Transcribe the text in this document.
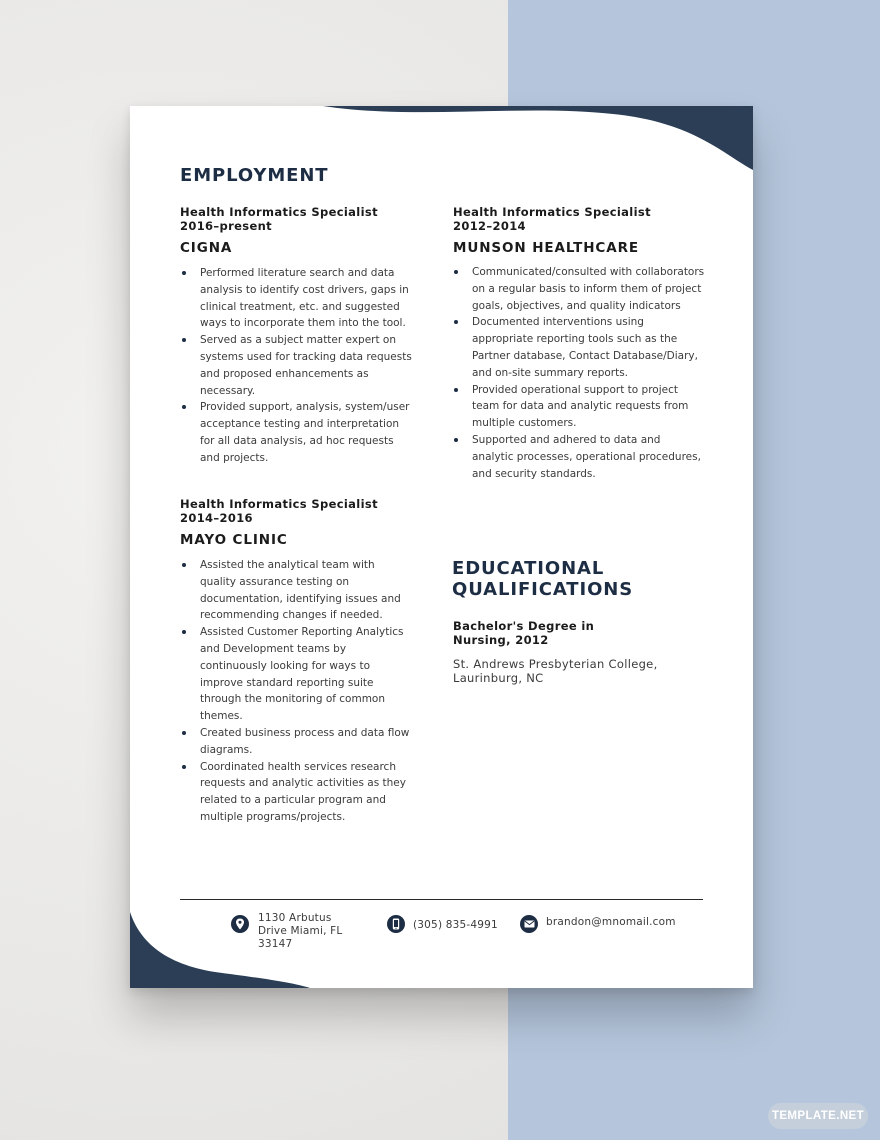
EMPLOYMENT
Health Informatics Specialist
2016–present
CIGNA
Performed literature search and data analysis to identify cost drivers, gaps in clinical treatment, etc. and suggested ways to incorporate them into the tool.
Served as a subject matter expert on systems used for tracking data requests and proposed enhancements as necessary.
Provided support, analysis, system/user acceptance testing and interpretation for all data analysis, ad hoc requests and projects.
Health Informatics Specialist
2014–2016
MAYO CLINIC
Assisted the analytical team with quality assurance testing on documentation, identifying issues and recommending changes if needed.
Assisted Customer Reporting Analytics and Development teams by continuously looking for ways to improve standard reporting suite through the monitoring of common themes.
Created business process and data flow diagrams.
Coordinated health services research requests and analytic activities as they related to a particular program and multiple programs/projects.
Health Informatics Specialist
2012–2014
MUNSON HEALTHCARE
Communicated/consulted with collaborators on a regular basis to inform them of project goals, objectives, and quality indicators
Documented interventions using appropriate reporting tools such as the Partner database, Contact Database/Diary, and on-site summary reports.
Provided operational support to project team for data and analytic requests from multiple customers.
Supported and adhered to data and analytic processes, operational procedures, and security standards.
EDUCATIONAL QUALIFICATIONS
Bachelor's Degree in Nursing, 2012
St. Andrews Presbyterian College, Laurinburg, NC
1130 Arbutus Drive Miami, FL 33147
(305) 835-4991	brandon@mnomail.com
TEMPLATE.NET
